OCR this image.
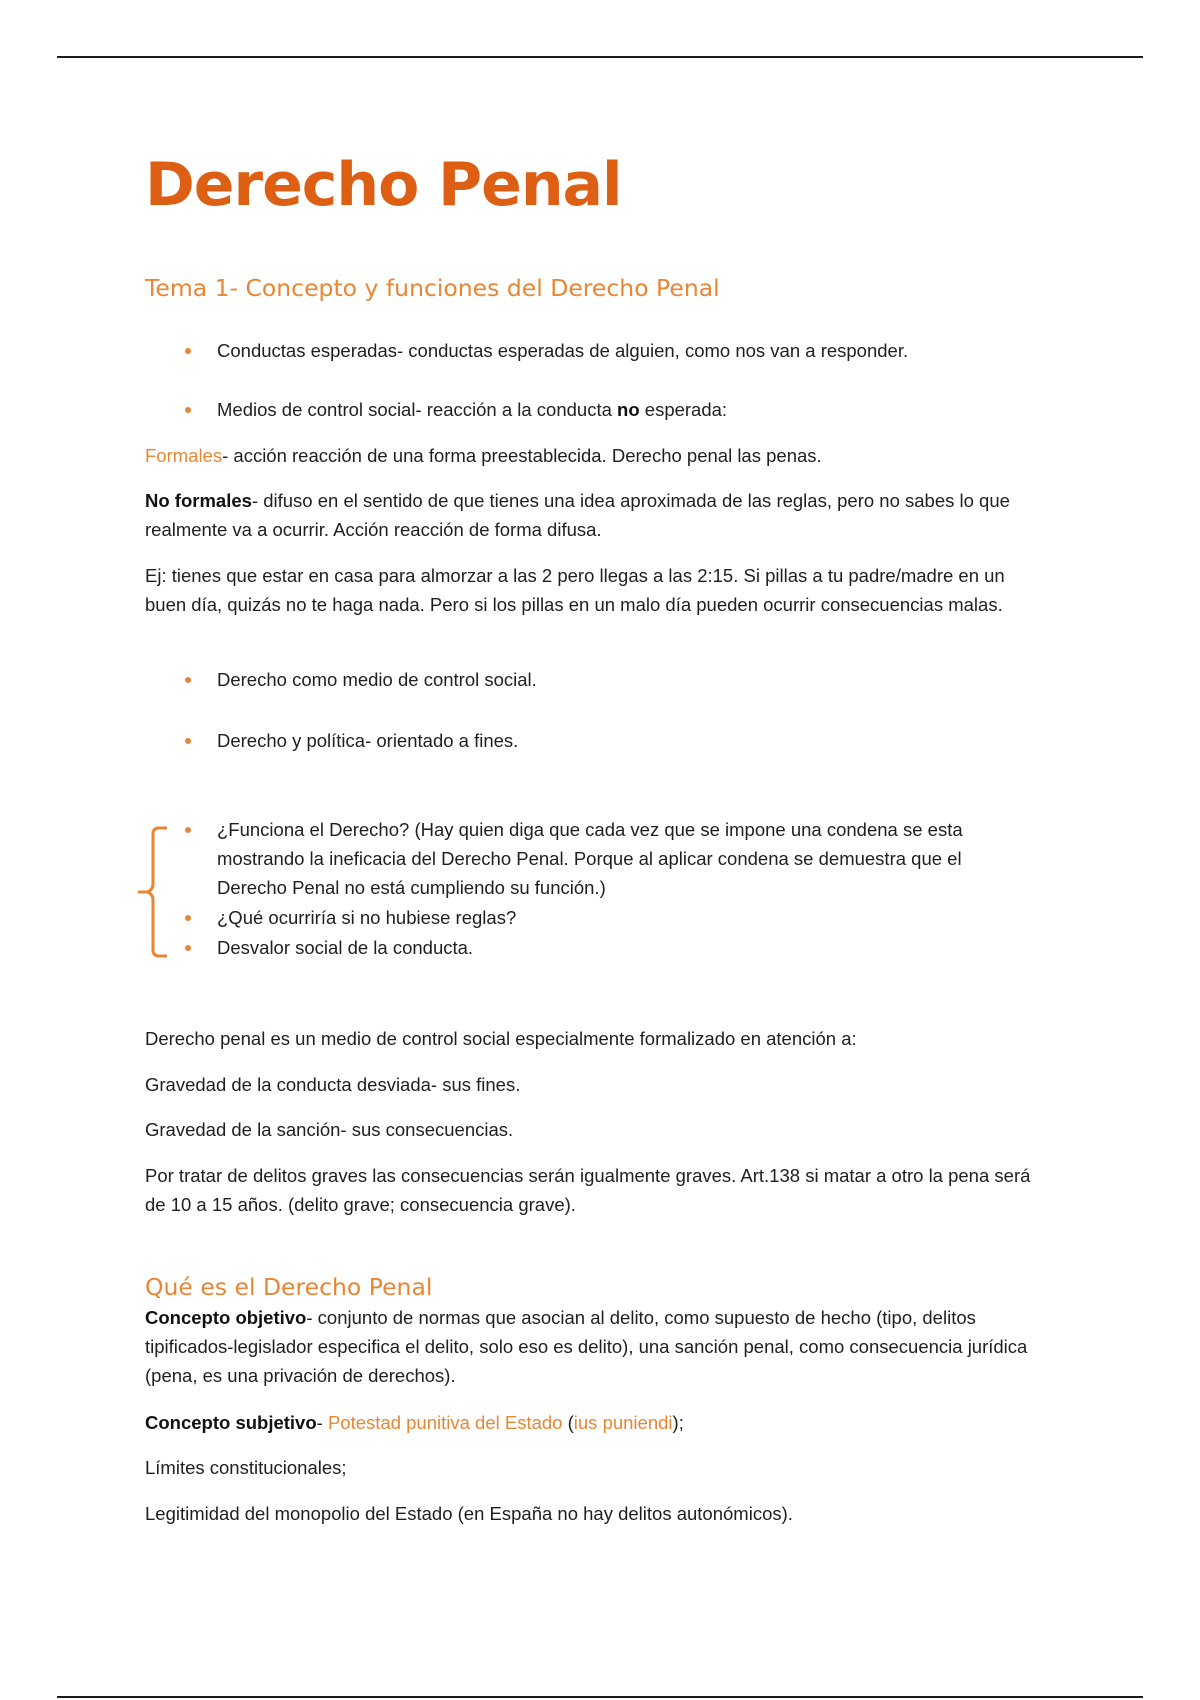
Derecho Penal
Tema 1- Concepto y funciones del Derecho Penal
Conductas esperadas- conductas esperadas de alguien, como nos van a responder.
Medios de control social- reacción a la conducta no esperada:

Formales- acción reacción de una forma preestablecida. Derecho penal las penas.

No formales- difuso en el sentido de que tienes una idea aproximada de las reglas, pero no sabes lo que realmente va a ocurrir. Acción reacción de forma difusa.

Ej: tienes que estar en casa para almorzar a las 2 pero llegas a las 2:15. Si pillas a tu padre/madre en un buen día, quizás no te haga nada. Pero si los pillas en un malo día pueden ocurrir consecuencias malas.

Derecho como medio de control social.
Derecho y política- orientado a fines.
¿Funciona el Derecho? (Hay quien diga que cada vez que se impone una condena se esta mostrando la ineficacia del Derecho Penal. Porque al aplicar condena se demuestra que el Derecho Penal no está cumpliendo su función.)
¿Qué ocurriría si no hubiese reglas?
Desvalor social de la conducta.

Derecho penal es un medio de control social especialmente formalizado en atención a:

Gravedad de la conducta desviada- sus fines.

Gravedad de la sanción- sus consecuencias.

Por tratar de delitos graves las consecuencias serán igualmente graves. Art.138 si matar a otro la pena será de 10 a 15 años. (delito grave; consecuencia grave).

Qué es el Derecho Penal

Concepto objetivo- conjunto de normas que asocian al delito, como supuesto de hecho (tipo, delitos tipificados-legislador especifica el delito, solo eso es delito), una sanción penal, como consecuencia jurídica (pena, es una privación de derechos).

Concepto subjetivo- Potestad punitiva del Estado (ius puniendi);

Límites constitucionales;

Legitimidad del monopolio del Estado (en España no hay delitos autonómicos).
